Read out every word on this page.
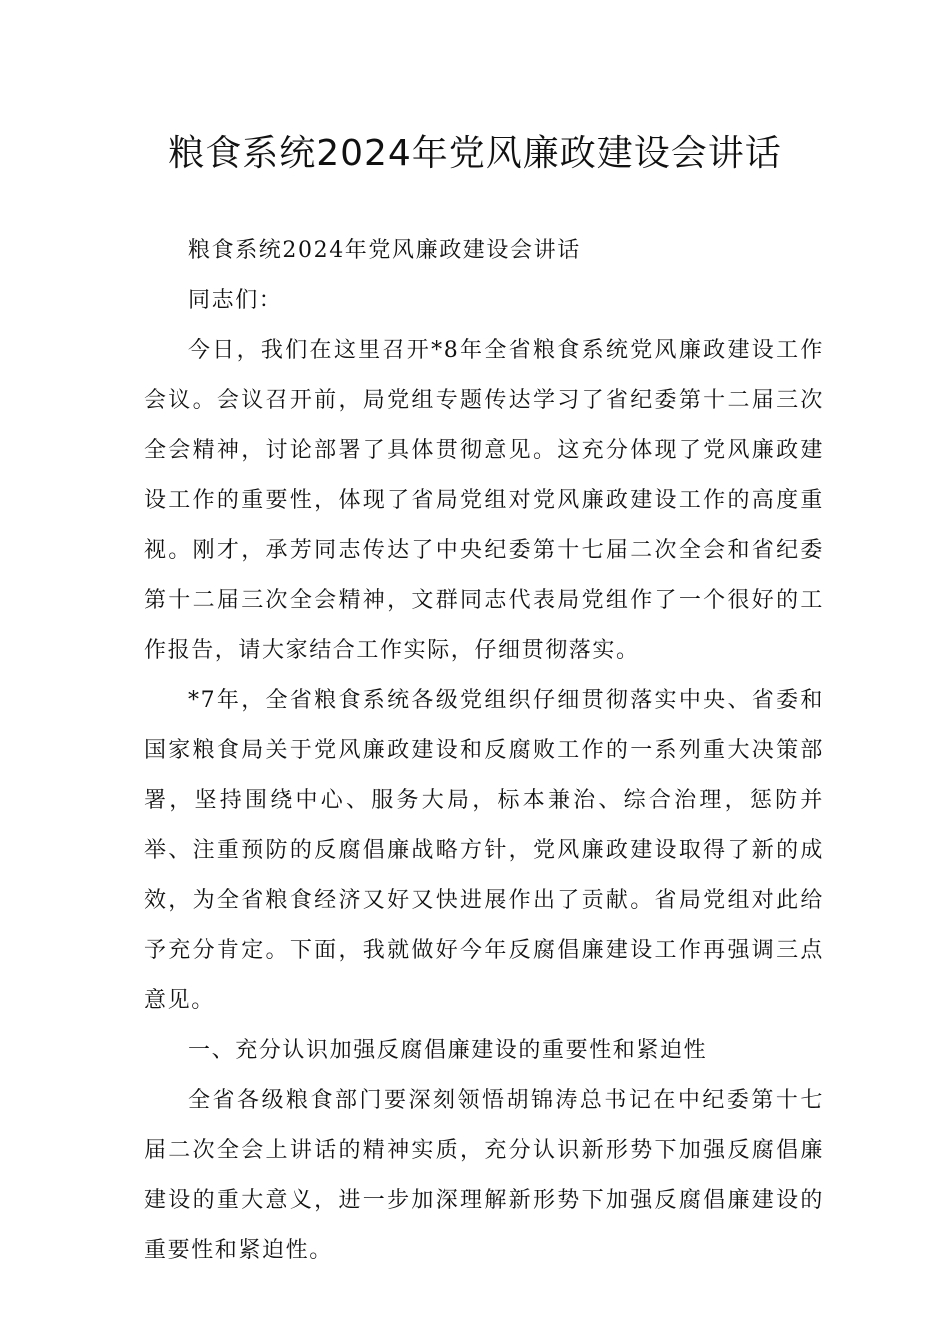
粮食系统2024年党风廉政建设会讲话

粮食系统2024年党风廉政建设会讲话

同志们：

今日，我们在这里召开*8年全省粮食系统党风廉政建设工作会议。会议召开前，局党组专题传达学习了省纪委第十二届三次全会精神，讨论部署了具体贯彻意见。这充分体现了党风廉政建设工作的重要性，体现了省局党组对党风廉政建设工作的高度重视。刚才，承芳同志传达了中央纪委第十七届二次全会和省纪委第十二届三次全会精神，文群同志代表局党组作了一个很好的工作报告，请大家结合工作实际，仔细贯彻落实。

*7年，全省粮食系统各级党组织仔细贯彻落实中央、省委和国家粮食局关于党风廉政建设和反腐败工作的一系列重大决策部署，坚持围绕中心、服务大局，标本兼治、综合治理，惩防并举、注重预防的反腐倡廉战略方针，党风廉政建设取得了新的成效，为全省粮食经济又好又快进展作出了贡献。省局党组对此给予充分肯定。下面，我就做好今年反腐倡廉建设工作再强调三点意见。

一、充分认识加强反腐倡廉建设的重要性和紧迫性

全省各级粮食部门要深刻领悟胡锦涛总书记在中纪委第十七届二次全会上讲话的精神实质，充分认识新形势下加强反腐倡廉建设的重大意义，进一步加深理解新形势下加强反腐倡廉建设的重要性和紧迫性。
